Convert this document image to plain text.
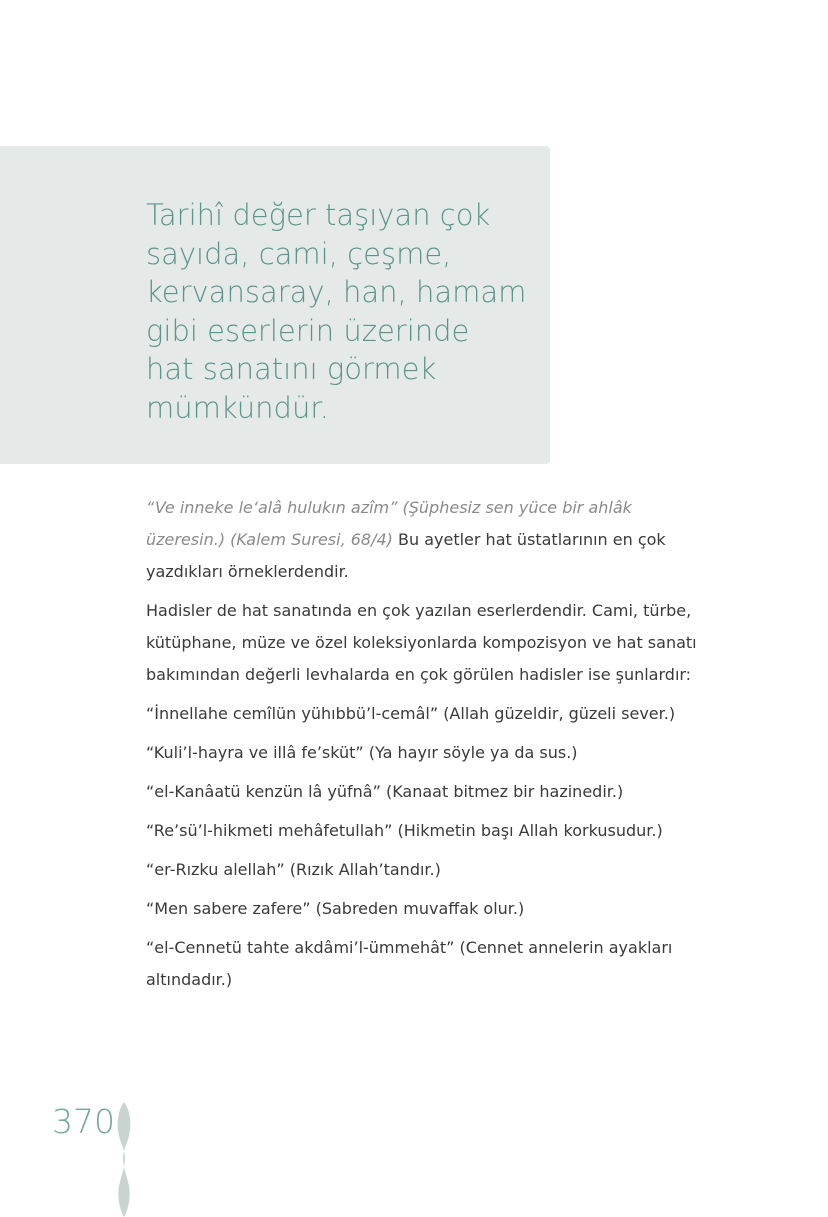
Tarihî değer taşıyan çok
sayıda, cami, çeşme,
kervansaray, han, hamam
gibi eserlerin üzerinde
hat sanatını görmek
mümkündür.

“Ve inneke le‘alâ hulukın azîm” (Şüphesiz sen yüce bir ahlâk üzeresin.) (Kalem Suresi, 68/4) Bu ayetler hat üstatlarının en çok yazdıkları örneklerdendir.

Hadisler de hat sanatında en çok yazılan eserlerdendir. Cami, türbe, kütüphane, müze ve özel koleksiyonlarda kompozisyon ve hat sanatı bakımından değerli levhalarda en çok görülen hadisler ise şunlardır:

“İnnellahe cemîlün yühıbbü’l-cemâl” (Allah güzeldir, güzeli sever.)

“Kuli’l-hayra ve illâ fe’sküt” (Ya hayır söyle ya da sus.)

“el-Kanâatü kenzün lâ yüfnâ” (Kanaat bitmez bir hazinedir.)

“Re’sü’l-hikmeti mehâfetullah” (Hikmetin başı Allah korkusudur.)

“er-Rızku alellah” (Rızık Allah’tandır.)

“Men sabere zafere” (Sabreden muvaffak olur.)

“el-Cennetü tahte akdâmi’l-ümmehât” (Cennet annelerin ayakları altındadır.)

370
